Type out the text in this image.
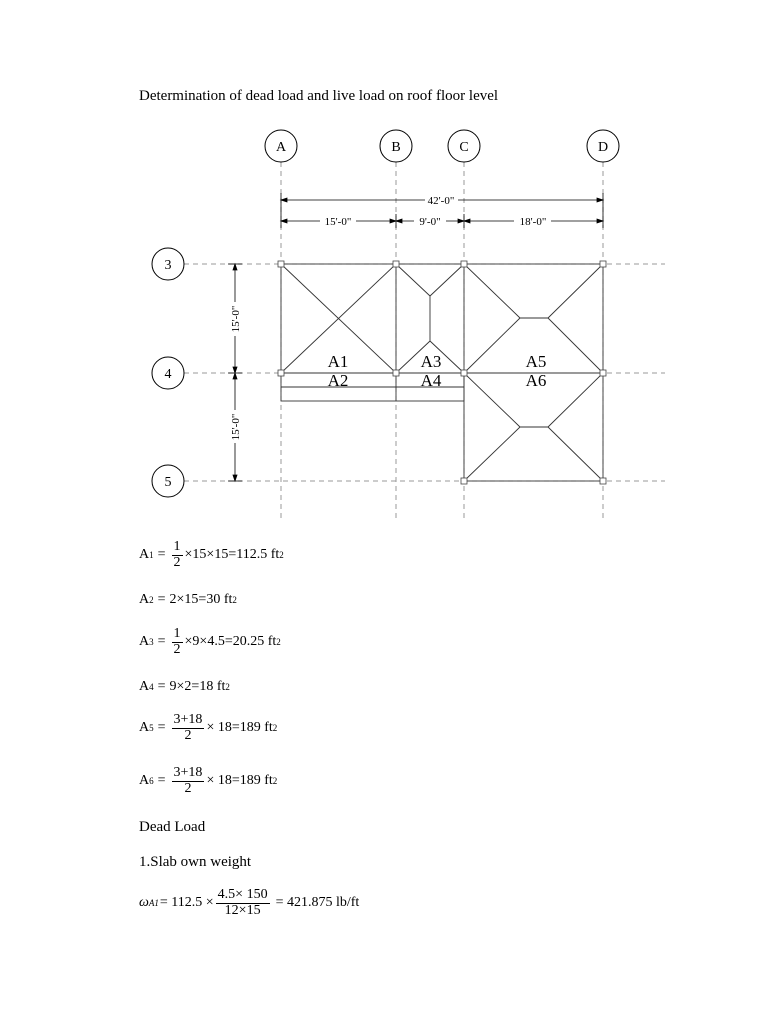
Determination of dead load and live load on roof floor level
A	B	C	D
3
4
5
42'-0"
15'-0"	9'-0"	18'-0"
15'-0"
15'-0"
A1
A2
A3
A4
A5
A6
A $1 = \frac{1}{2} \times 15\times 15=112.5$ ft 2
A 2 = 2×15=30 ft 2
A $3 = \frac{1}{2} \times 9\times 4.5=20.25$ ft 2
A 4 = 9×2=18 ft 2
A $5 = \frac{3+18}{2} \times 18=189$ ft 2
A $6 = \frac{3+18}{2} \times 18=189$ ft 2
Dead Load
1.Slab own weight
ω $A1 = 112.5 \times \frac{4.5\times 150}{12\times 15} = 421.875$ lb/ft
